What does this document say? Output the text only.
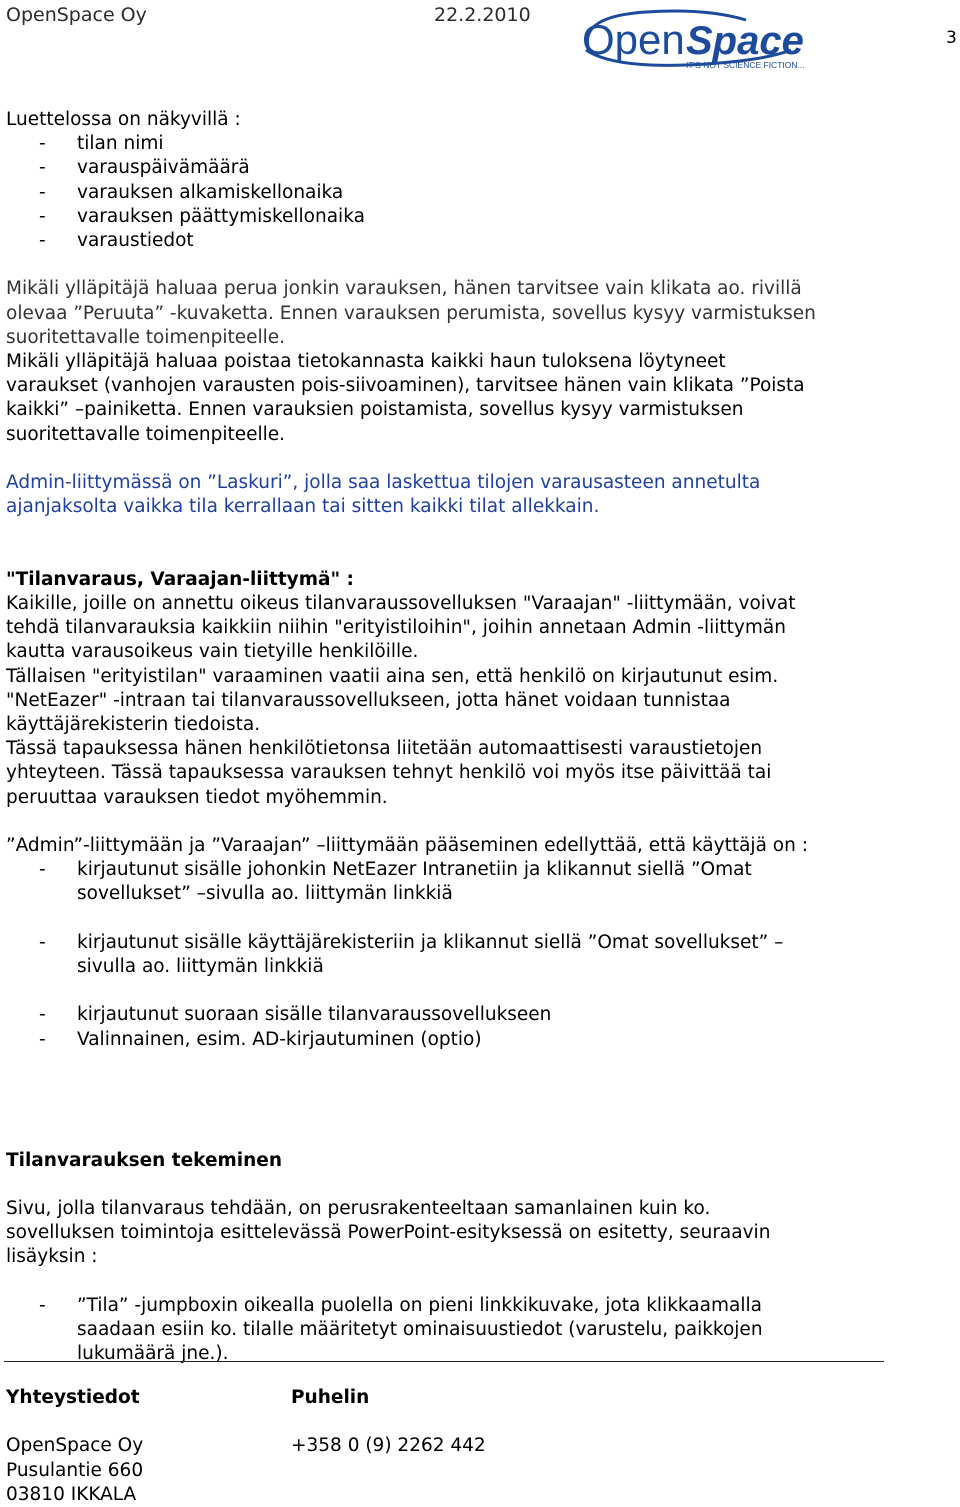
OpenSpace Oy	22.2.2010
3
Open Space
IT'S NOT SCIENCE FICTION...

Luettelossa on näkyvillä :

- tilan nimi
- varauspäivämäärä
- varauksen alkamiskellonaika
- varauksen päättymiskellonaika
- varaustiedot

Mikäli ylläpitäjä haluaa perua jonkin varauksen, hänen tarvitsee vain klikata ao. rivillä

olevaa ”Peruuta” -kuvaketta. Ennen varauksen perumista, sovellus kysyy varmistuksen

suoritettavalle toimenpiteelle.

Mikäli ylläpitäjä haluaa poistaa tietokannasta kaikki haun tuloksena löytyneet

varaukset (vanhojen varausten pois-siivoaminen), tarvitsee hänen vain klikata ”Poista

kaikki” –painiketta. Ennen varauksien poistamista, sovellus kysyy varmistuksen

suoritettavalle toimenpiteelle.

Admin-liittymässä on ”Laskuri”, jolla saa laskettua tilojen varausasteen annetulta

ajanjaksolta vaikka tila kerrallaan tai sitten kaikki tilat allekkain.

"Tilanvaraus, Varaajan-liittymä" :

Kaikille, joille on annettu oikeus tilanvaraussovelluksen "Varaajan" -liittymään, voivat

tehdä tilanvarauksia kaikkiin niihin "erityistiloihin", joihin annetaan Admin -liittymän

kautta varausoikeus vain tietyille henkilöille.

Tällaisen "erityistilan" varaaminen vaatii aina sen, että henkilö on kirjautunut esim.

"NetEazer" -intraan tai tilanvaraussovellukseen, jotta hänet voidaan tunnistaa

käyttäjärekisterin tiedoista.

Tässä tapauksessa hänen henkilötietonsa liitetään automaattisesti varaustietojen

yhteyteen. Tässä tapauksessa varauksen tehnyt henkilö voi myös itse päivittää tai

peruuttaa varauksen tiedot myöhemmin.

”Admin”-liittymään ja ”Varaajan” –liittymään pääseminen edellyttää, että käyttäjä on :

- kirjautunut sisälle johonkin NetEazer Intranetiin ja klikannut siellä ”Omat
sovellukset” –sivulla ao. liittymän linkkiä
- kirjautunut sisälle käyttäjärekisteriin ja klikannut siellä ”Omat sovellukset” –
sivulla ao. liittymän linkkiä
- kirjautunut suoraan sisälle tilanvaraussovellukseen
- Valinnainen, esim. AD-kirjautuminen (optio)

Tilanvarauksen tekeminen

Sivu, jolla tilanvaraus tehdään, on perusrakenteeltaan samanlainen kuin ko.

sovelluksen toimintoja esittelevässä PowerPoint-esityksessä on esitetty, seuraavin

lisäyksin :

- ”Tila” -jumpboxin oikealla puolella on pieni linkkikuvake, jota klikkaamalla
saadaan esiin ko. tilalle määritetyt ominaisuustiedot (varustelu, paikkojen
lukumäärä jne.).
Yhteystiedot	Puhelin
OpenSpace Oy	+358 0 (9) 2262 442
Pusulantie 660
03810 IKKALA
